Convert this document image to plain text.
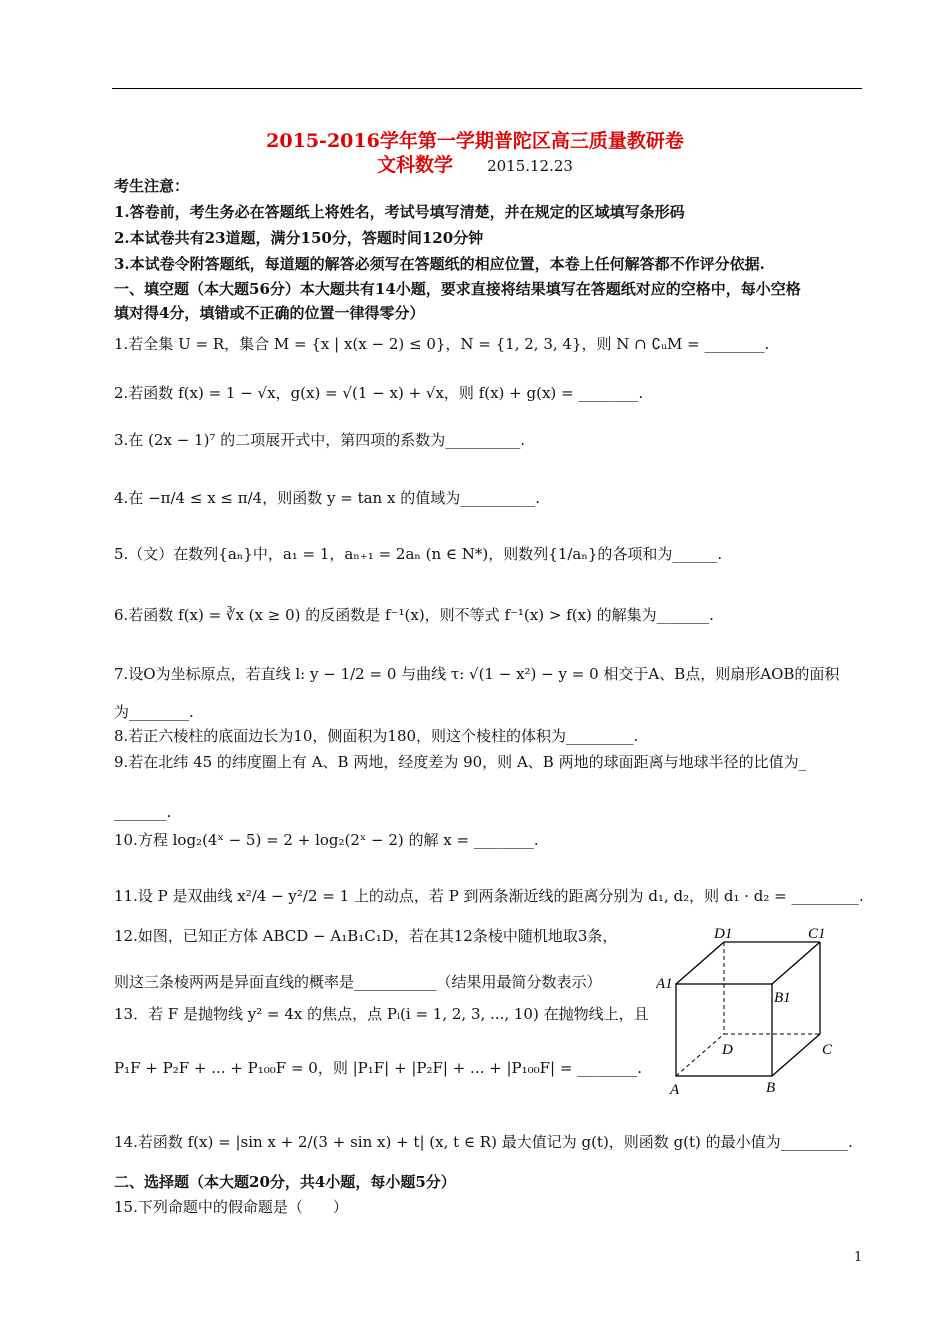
2015-2016学年第一学期普陀区高三质量教研卷
文科数学 2015.12.23
考生注意：
1.答卷前，考生务必在答题纸上将姓名，考试号填写清楚，并在规定的区域填写条形码
2.本试卷共有23道题，满分150分，答题时间120分钟
3.本试卷令附答题纸，每道题的解答必须写在答题纸的相应位置，本卷上任何解答都不作评分依据.
一、填空题（本大题56分）本大题共有14小题，要求直接将结果填写在答题纸对应的空格中，每小空格
填对得4分，填错或不正确的位置一律得零分）
1.若全集 U = R，集合 M = {x | x(x − 2) ≤ 0}，N = {1, 2, 3, 4}，则 N ∩ ∁ᵤM = ________.
2.若函数 f(x) = 1 − √x，g(x) = √(1 − x) + √x，则 f(x) + g(x) = ________.
3.在 (2x − 1)⁷ 的二项展开式中，第四项的系数为__________.
4.在 −π/4 ≤ x ≤ π/4，则函数 y = tan x 的值域为__________.
5.（文）在数列{aₙ}中，a₁ = 1，aₙ₊₁ = 2aₙ (n ∈ N*)，则数列{1/aₙ}的各项和为______.
6.若函数 f(x) = ∛x (x ≥ 0) 的反函数是 f⁻¹(x)，则不等式 f⁻¹(x) > f(x) 的解集为_______.
7.设O为坐标原点，若直线 l: y − 1/2 = 0 与曲线 τ: √(1 − x²) − y = 0 相交于A、B点，则扇形AOB的面积
为________.
8.若正六棱柱的底面边长为10，侧面积为180，则这个棱柱的体积为_________.
9.若在北纬 45 的纬度圈上有 A、B 两地，经度差为 90，则 A、B 两地的球面距离与地球半径的比值为_
_______.
10.方程 log₂(4ˣ − 5) = 2 + log₂(2ˣ − 2) 的解 x = ________.
11.设 P 是双曲线 x²/4 − y²/2 = 1 上的动点，若 P 到两条渐近线的距离分别为 d₁, d₂，则 d₁ · d₂ = _________.
12.如图，已知正方体 ABCD − A₁B₁C₁D，若在其12条棱中随机地取3条，
则这三条棱两两是异面直线的概率是___________（结果用最简分数表示）
13．若 F 是抛物线 y² = 4x 的焦点，点 Pᵢ(i = 1, 2, 3, ..., 10) 在抛物线上，且
P₁F + P₂F + ... + P₁₀₀F = 0，则 |P₁F| + |P₂F| + ... + |P₁₀₀F| = ________.
14.若函数 f(x) = |sin x + 2/(3 + sin x) + t| (x, t ∈ R) 最大值记为 g(t)，则函数 g(t) 的最小值为_________.
二、选择题（本大题20分，共4小题，每小题5分）
15.下列命题中的假命题是（　　）
D1	C1
A1
B1
D	C
A	B
1
